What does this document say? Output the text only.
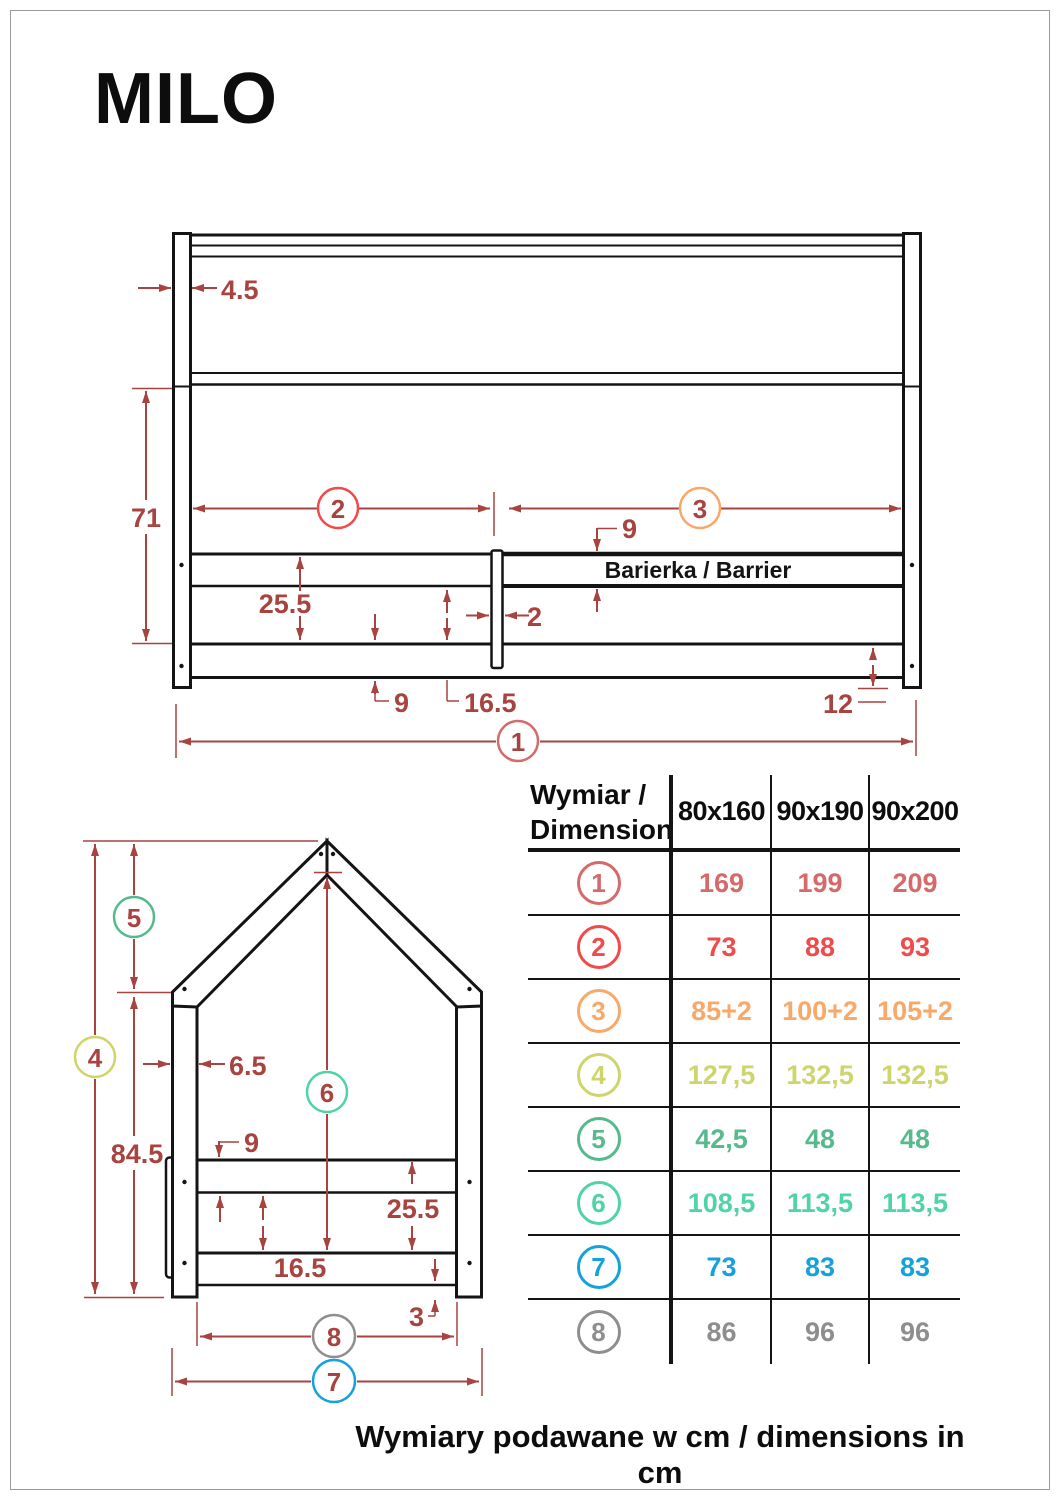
MILO
Barierka / Barrier
4.5
71	9
25.5	2
16.5
9	12
2	3
1
84.5
6.5
9
25.5
16.5
3
5
4
6
8
7
Wymiar /
Dimension
80x160 90x190 90x200
1	169	199	209
2	73	88	93
3	85+2	100+2 105+2
4	127,5	132,5	132,5
5	42,5	48	48
6	108,5	113,5	113,5
7	73	83	83
8	86	96	96
Wymiary podawane w cm / dimensions in cm
